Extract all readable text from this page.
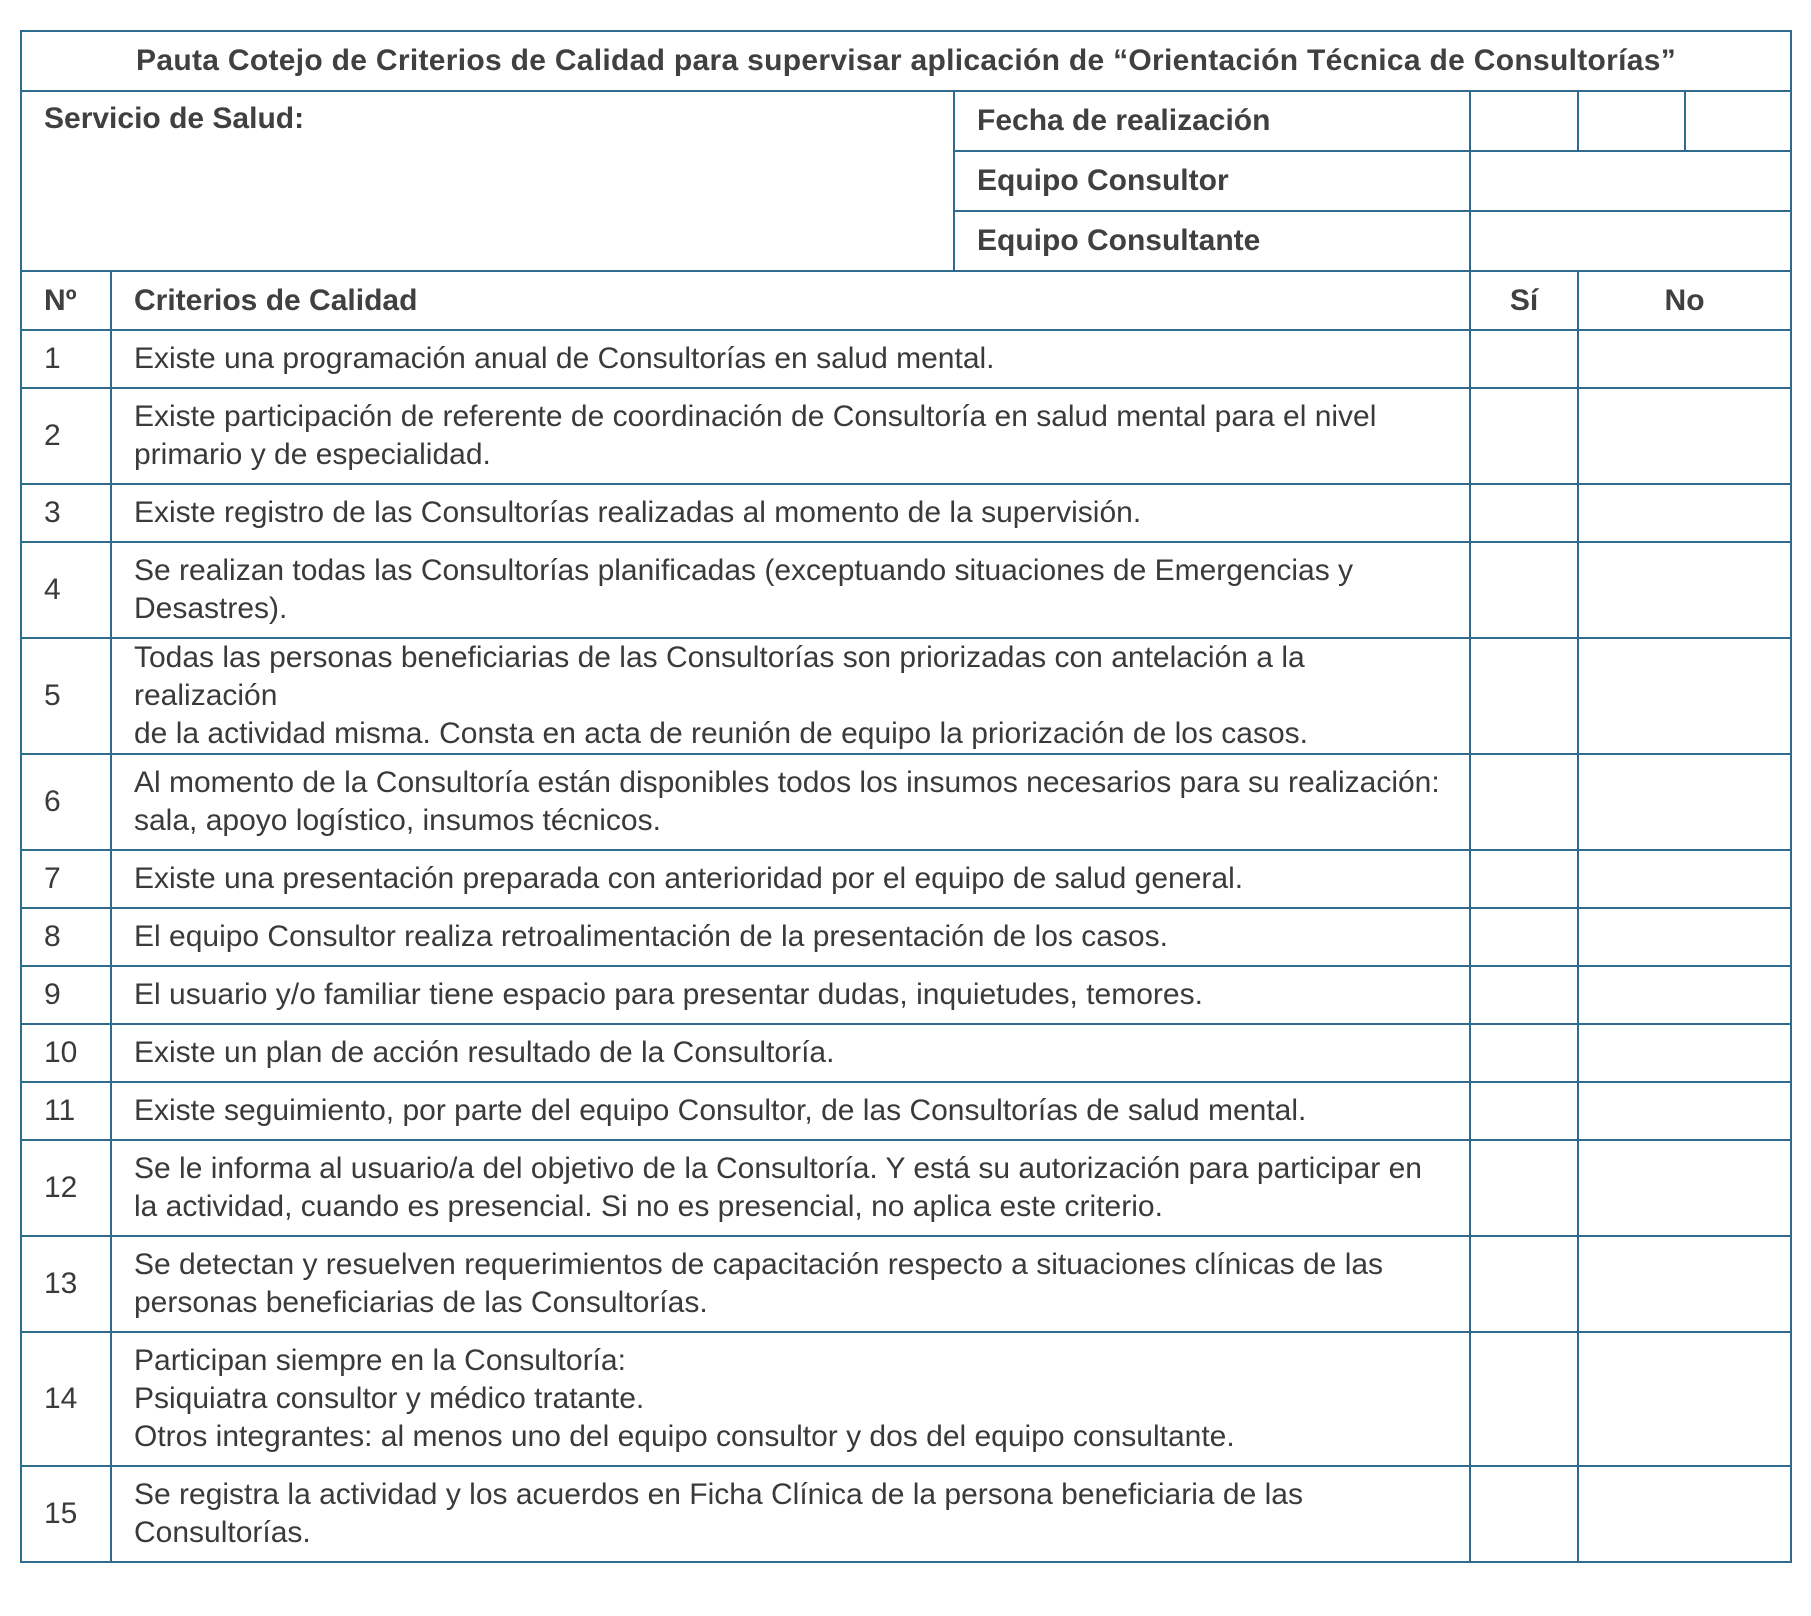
Pauta Cotejo de Criterios de Calidad para supervisar aplicación de “Orientación Técnica de Consultorías”					
Servicio de Salud:		Fecha de realización			
		Equipo Consultor			
		Equipo Consultante			
Nº	Criterios de Calidad		Sí	No	
1	Existe una programación anual de Consultorías en salud mental.				

2	Existe participación de referente de coordinación de Consultoría en salud mental para el nivel
primario y de especialidad.				

3	Existe registro de las Consultorías realizadas al momento de la supervisión.				

4	Se realizan todas las Consultorías planificadas (exceptuando situaciones de Emergencias y
Desastres).				

5	Todas las personas beneficiarias de las Consultorías son priorizadas con antelación a la realización
de la actividad misma. Consta en acta de reunión de equipo la priorización de los casos.				

6	Al momento de la Consultoría están disponibles todos los insumos necesarios para su realización:
sala, apoyo logístico, insumos técnicos.				

7	Existe una presentación preparada con anterioridad por el equipo de salud general.				

8	El equipo Consultor realiza retroalimentación de la presentación de los casos.				

9	El usuario y/o familiar tiene espacio para presentar dudas, inquietudes, temores.				

10	Existe un plan de acción resultado de la Consultoría.				

11	Existe seguimiento, por parte del equipo Consultor, de las Consultorías de salud mental.				

12	Se le informa al usuario/a del objetivo de la Consultoría. Y está su autorización para participar en
la actividad, cuando es presencial. Si no es presencial, no aplica este criterio.				

13	Se detectan y resuelven requerimientos de capacitación respecto a situaciones clínicas de las
personas beneficiarias de las Consultorías.				

14	Participan siempre en la Consultoría:
Psiquiatra consultor y médico tratante.
Otros integrantes: al menos uno del equipo consultor y dos del equipo consultante.				

15	Se registra la actividad y los acuerdos en Ficha Clínica de la persona beneficiaria de las
Consultorías.				
